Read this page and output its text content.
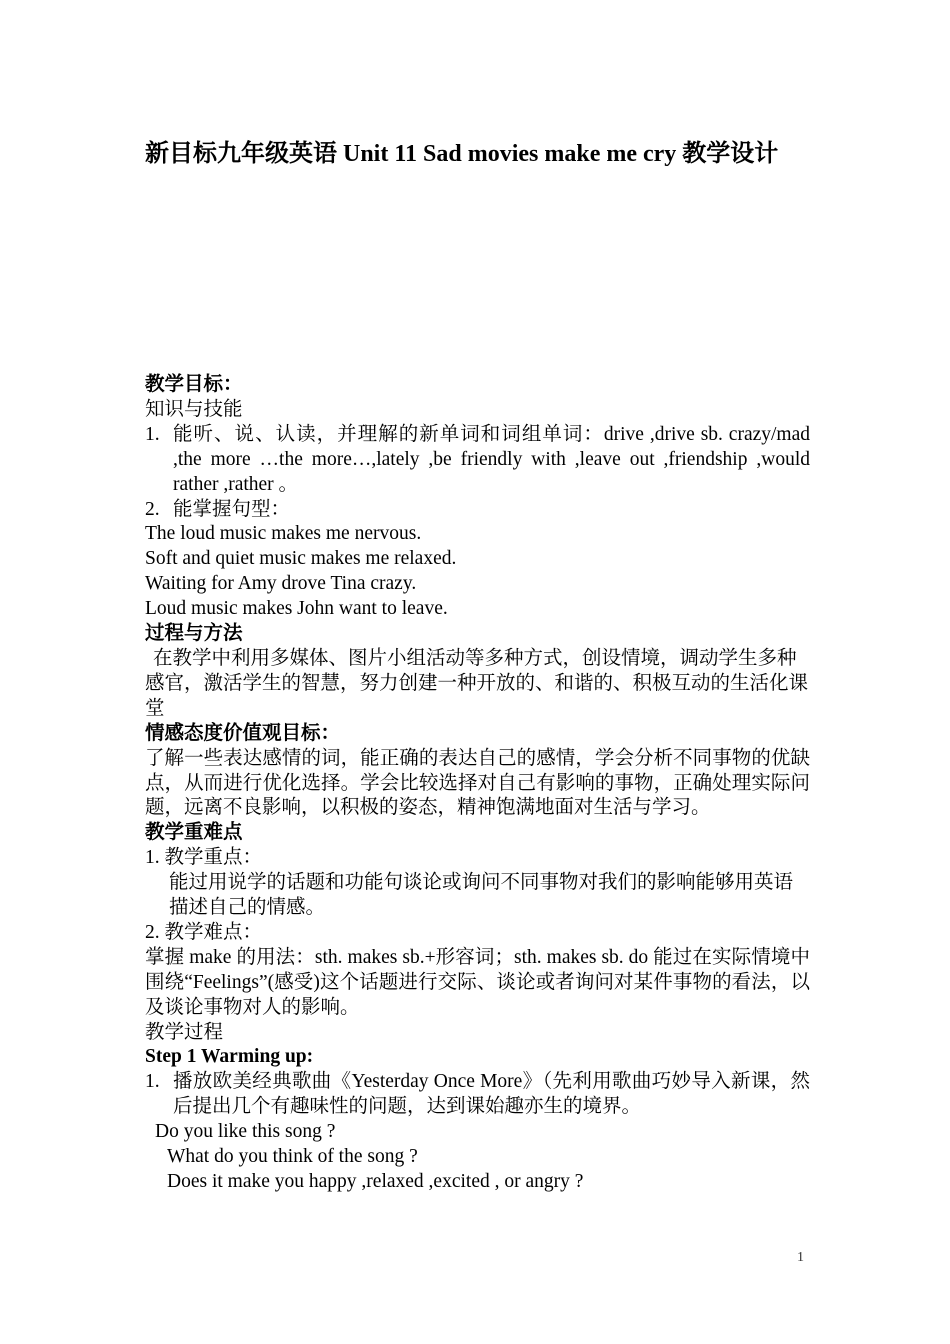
新目标九年级英语 Unit 11 Sad movies make me cry 教学设计
教学目标：
知识与技能
1. 能听、说、认读，并理解的新单词和词组单词：drive ,drive sb. crazy/mad ,the more …the more…,lately ,be friendly with ,leave out ,friendship ,would rather ,rather 。
2. 能掌握句型：
The loud music makes me nervous.
Soft and quiet music makes me relaxed.
Waiting for Amy drove Tina crazy.
Loud music makes John want to leave.
过程与方法
在教学中利用多媒体、图片小组活动等多种方式，创设情境，调动学生多种感官，激活学生的智慧，努力创建一种开放的、和谐的、积极互动的生活化课堂
情感态度价值观目标：
了解一些表达感情的词，能正确的表达自己的感情，学会分析不同事物的优缺点，从而进行优化选择。学会比较选择对自己有影响的事物，正确处理实际问题，远离不良影响，以积极的姿态，精神饱满地面对生活与学习。
教学重难点
1. 教学重点：
能过用说学的话题和功能句谈论或询问不同事物对我们的影响能够用英语描述自己的情感。
2. 教学难点：
掌握 make 的用法：sth. makes sb.+形容词；sth. makes sb. do 能过在实际情境中围绕“Feelings”(感受)这个话题进行交际、谈论或者询问对某件事物的看法，以及谈论事物对人的影响。
教学过程
Step 1 Warming up:
1. 播放欧美经典歌曲《Yesterday Once More》（先利用歌曲巧妙导入新课，然后提出几个有趣味性的问题，达到课始趣亦生的境界。
Do you like this song ?
What do you think of the song ?
Does it make you happy ,relaxed ,excited , or angry ?
1
